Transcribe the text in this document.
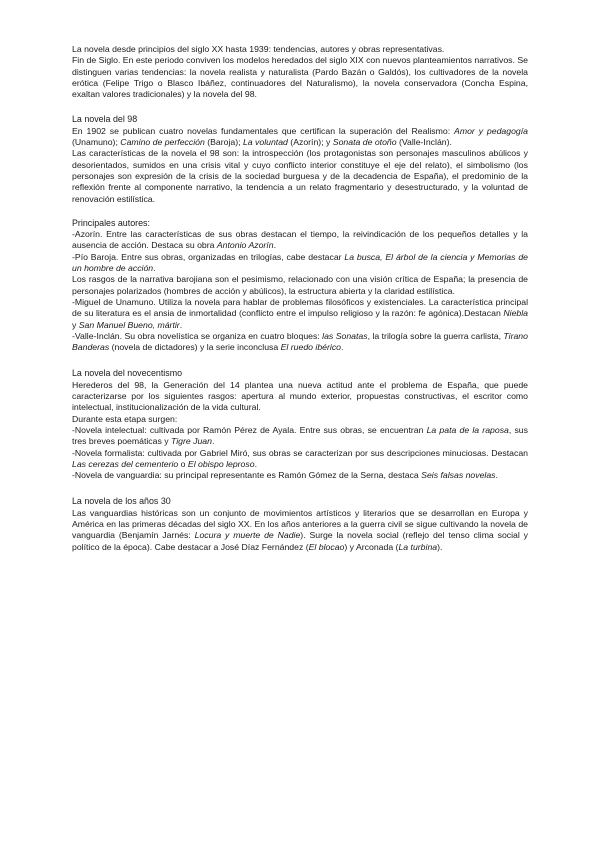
La novela desde principios del siglo XX hasta 1939: tendencias, autores y obras representativas.

Fin de Siglo. En este periodo conviven los modelos heredados del siglo XIX con nuevos planteamientos narrativos. Se distinguen varias tendencias: la novela realista y naturalista (Pardo Bazán o Galdós), los cultivadores de la novela erótica (Felipe Trigo o Blasco Ibáñez, continuadores del Naturalismo), la novela conservadora (Concha Espina, exaltan valores tradicionales) y la novela del 98.

La novela del 98

En 1902 se publican cuatro novelas fundamentales que certifican la superación del Realismo: Amor y pedagogía (Unamuno); Camino de perfección (Baroja); La voluntad (Azorín); y Sonata de otoño (Valle-Inclán).

Las características de la novela el 98 son: la introspección (los protagonistas son personajes masculinos abúlicos y desorientados, sumidos en una crisis vital y cuyo conflicto interior constituye el eje del relato), el simbolismo (los personajes son expresión de la crisis de la sociedad burguesa y de la decadencia de España), el predominio de la reflexión frente al componente narrativo, la tendencia a un relato fragmentario y desestructurado, y la voluntad de renovación estilística.

Principales autores:

-Azorín. Entre las características de sus obras destacan el tiempo, la reivindicación de los pequeños detalles y la ausencia de acción. Destaca su obra Antonio Azorín.

-Pío Baroja. Entre sus obras, organizadas en trilogías, cabe destacar La busca, El árbol de la ciencia y Memorias de un hombre de acción.

Los rasgos de la narrativa barojiana son el pesimismo, relacionado con una visión crítica de España; la presencia de personajes polarizados (hombres de acción y abúlicos), la estructura abierta y la claridad estilística.

-Miguel de Unamuno. Utiliza la novela para hablar de problemas filosóficos y existenciales. La característica principal de su literatura es el ansia de inmortalidad (conflicto entre el impulso religioso y la razón: fe agónica).Destacan Niebla y San Manuel Bueno, mártir.

-Valle-Inclán. Su obra novelística se organiza en cuatro bloques: las Sonatas, la trilogía sobre la guerra carlista, Tirano Banderas (novela de dictadores) y la serie inconclusa El ruedo ibérico.

La novela del novecentismo

Herederos del 98, la Generación del 14 plantea una nueva actitud ante el problema de España, que puede caracterizarse por los siguientes rasgos: apertura al mundo exterior, propuestas constructivas, el escritor como intelectual, institucionalización de la vida cultural.

Durante esta etapa surgen:

-Novela intelectual: cultivada por Ramón Pérez de Ayala. Entre sus obras, se encuentran La pata de la raposa, sus tres breves poemáticas y Tigre Juan.

-Novela formalista: cultivada por Gabriel Miró, sus obras se caracterizan por sus descripciones minuciosas. Destacan Las cerezas del cementerio o El obispo leproso.

-Novela de vanguardia: su principal representante es Ramón Gómez de la Serna, destaca Seis falsas novelas.

La novela de los años 30

Las vanguardias históricas son un conjunto de movimientos artísticos y literarios que se desarrollan en Europa y América en las primeras décadas del siglo XX. En los años anteriores a la guerra civil se sigue cultivando la novela de vanguardia (Benjamín Jarnés: Locura y muerte de Nadie). Surge la novela social (reflejo del tenso clima social y político de la época). Cabe destacar a José Díaz Fernández (El blocao) y Arconada (La turbina).
